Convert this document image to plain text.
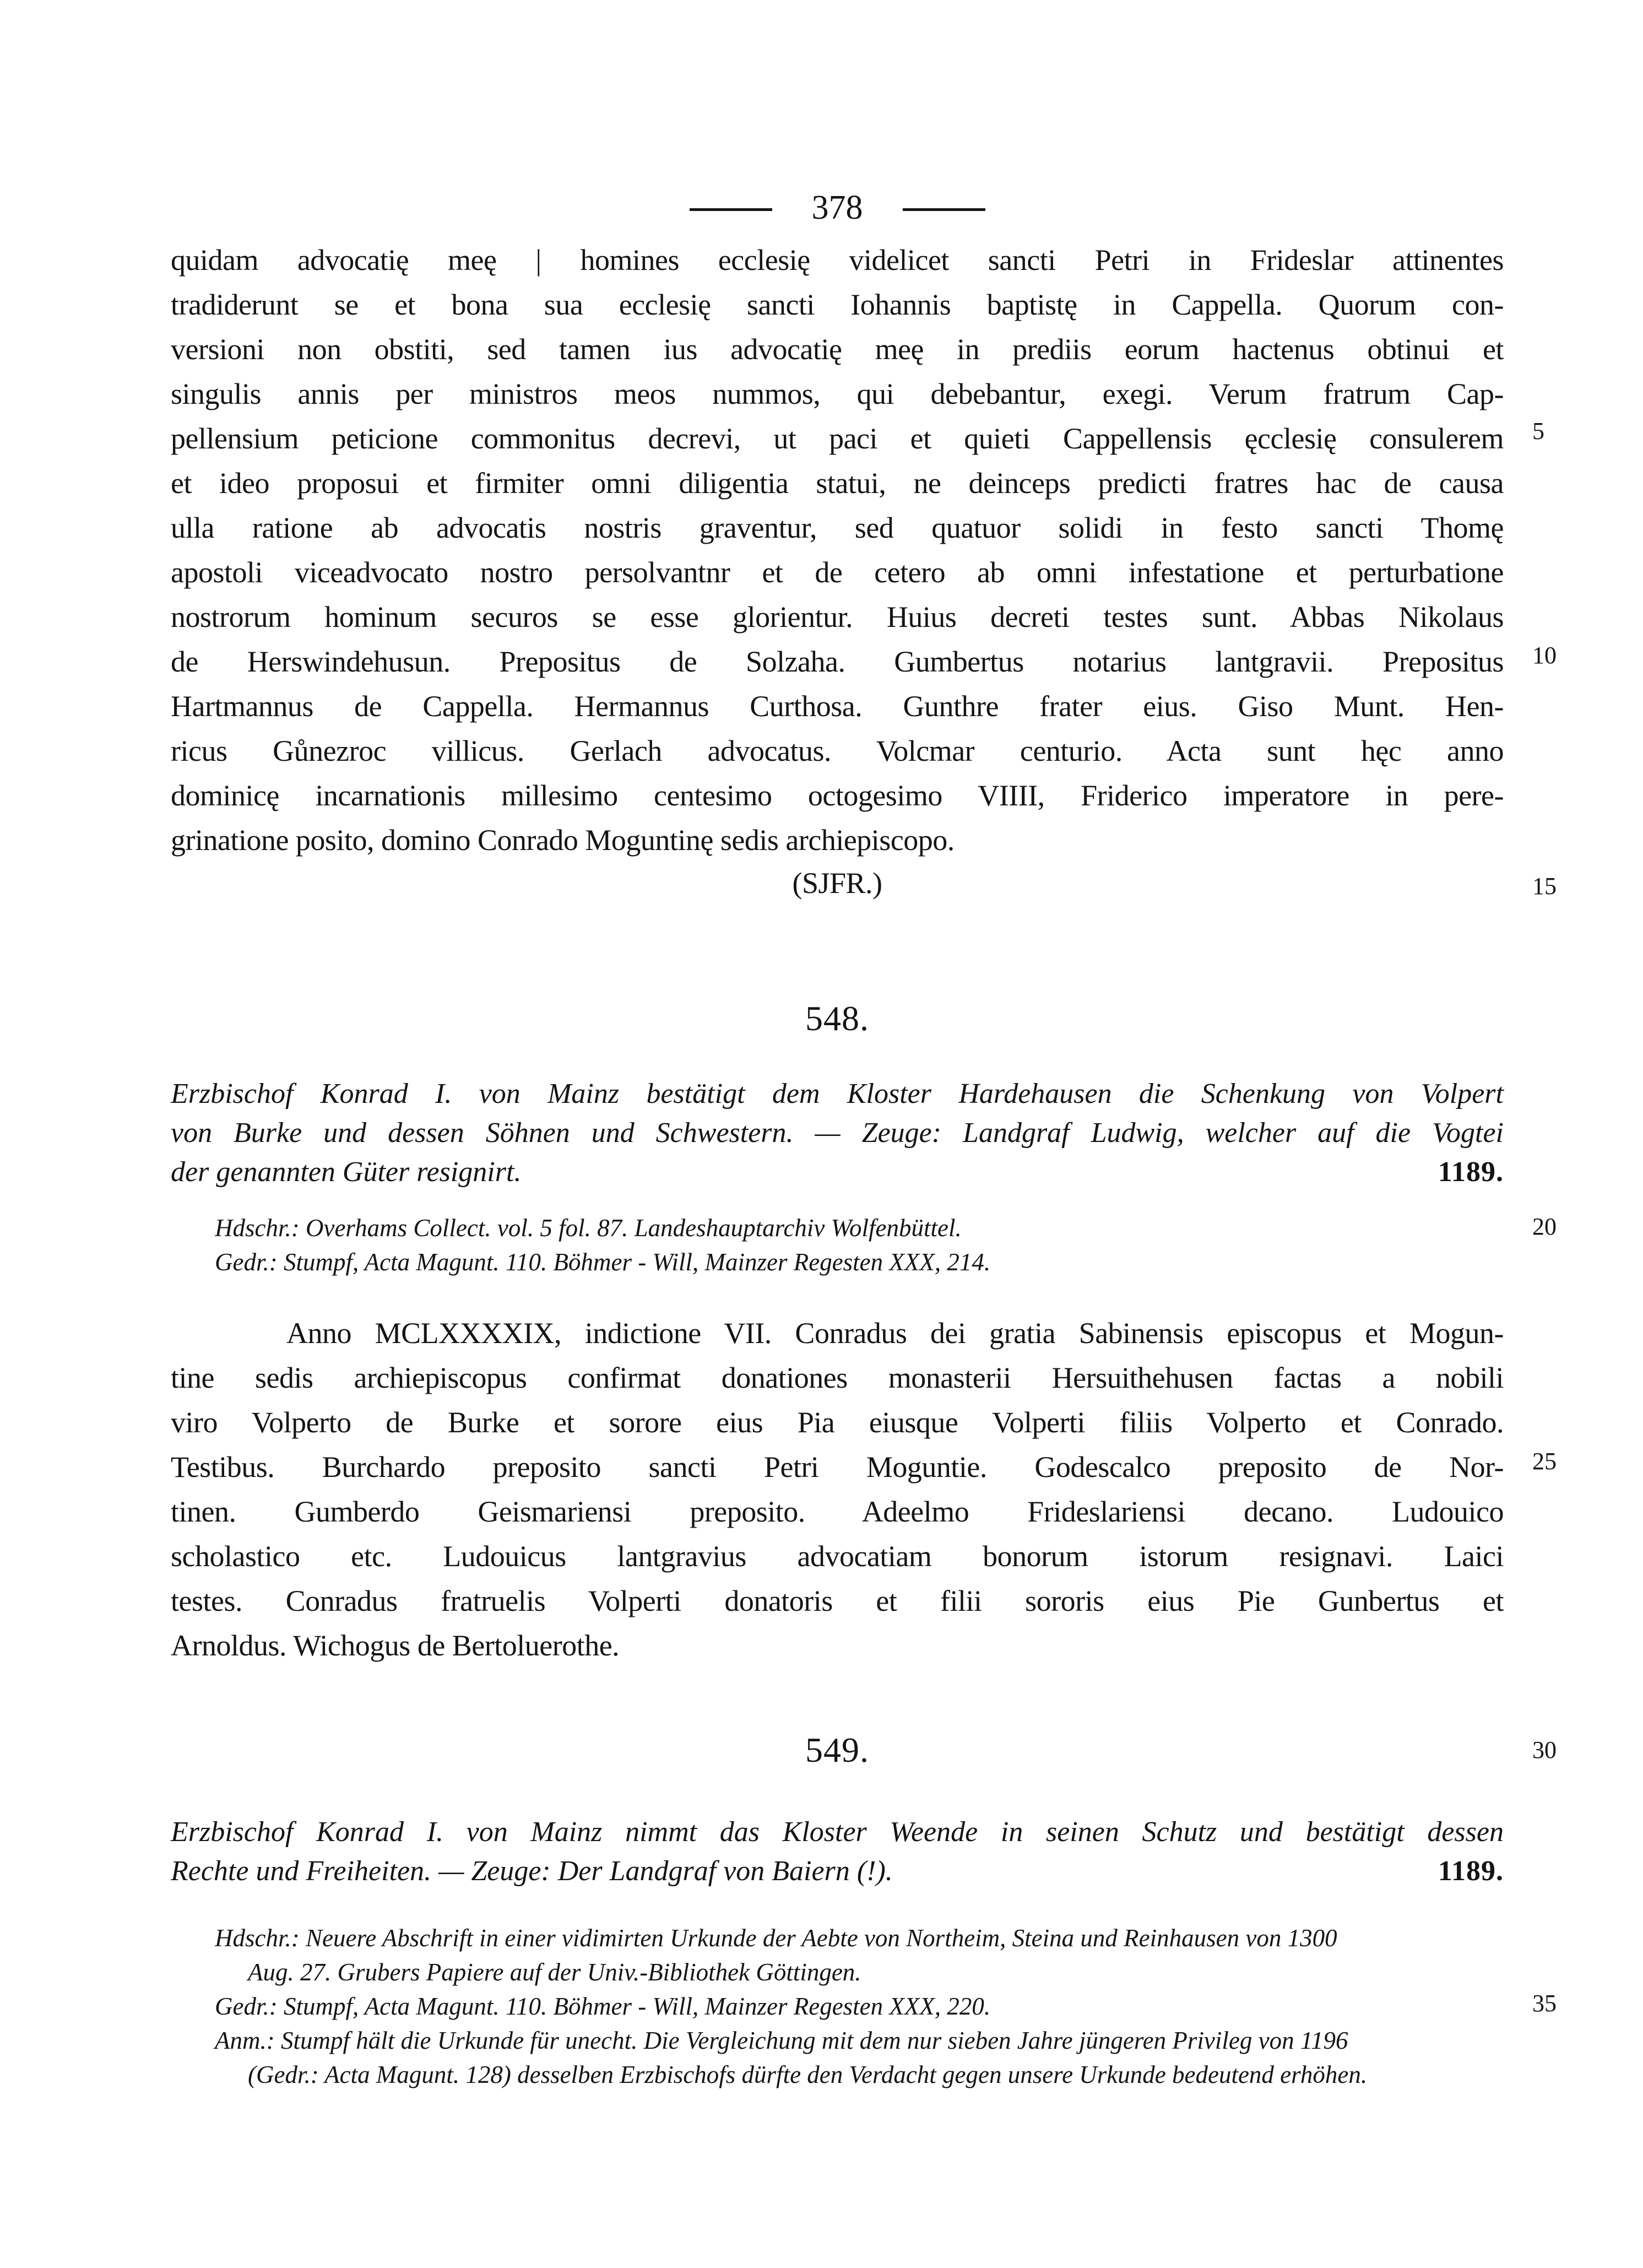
378
quidam advocatię meę | homines ecclesię videlicet sancti Petri in Frideslar attinentes
tradiderunt se et bona sua ecclesię sancti Iohannis baptistę in Cappella. Quorum con-
versioni non obstiti, sed tamen ius advocatię meę in prediis eorum hactenus obtinui et
singulis annis per ministros meos nummos, qui debebantur, exegi. Verum fratrum Cap-
pellensium peticione commonitus decrevi, ut paci et quieti Cappellensis ęcclesię consulerem
et ideo proposui et firmiter omni diligentia statui, ne deinceps predicti fratres hac de causa
ulla ratione ab advocatis nostris graventur, sed quatuor solidi in festo sancti Thomę
apostoli viceadvocato nostro persolvantnr et de cetero ab omni infestatione et perturbatione
nostrorum hominum securos se esse glorientur. Huius decreti testes sunt. Abbas Nikolaus
de Herswindehusun. Prepositus de Solzaha. Gumbertus notarius lantgravii. Prepositus
Hartmannus de Cappella. Hermannus Curthosa. Gunthre frater eius. Giso Munt. Hen-
ricus Gůnezroc villicus. Gerlach advocatus. Volcmar centurio. Acta sunt hęc anno
dominicę incarnationis millesimo centesimo octogesimo VIIII, Friderico imperatore in pere-
grinatione posito, domino Conrado Moguntinę sedis archiepiscopo.
(SJFR.)
548.
Erzbischof Konrad I. von Mainz bestätigt dem Kloster Hardehausen die Schenkung von Volpert
von Burke und dessen Söhnen und Schwestern. — Zeuge: Landgraf Ludwig, welcher auf die Vogtei
der genannten Güter resignirt.	1189.
Hdschr.: Overhams Collect. vol. 5 fol. 87. Landeshauptarchiv Wolfenbüttel.
Gedr.: Stumpf, Acta Magunt. 110. Böhmer - Will, Mainzer Regesten XXX, 214.
Anno MCLXXXXIX, indictione VII. Conradus dei gratia Sabinensis episcopus et Mogun-
tine sedis archiepiscopus confirmat donationes monasterii Hersuithehusen factas a nobili
viro Volperto de Burke et sorore eius Pia eiusque Volperti filiis Volperto et Conrado.
Testibus. Burchardo preposito sancti Petri Moguntie. Godescalco preposito de Nor-
tinen. Gumberdo Geismariensi preposito. Adeelmo Frideslariensi decano. Ludouico
scholastico etc. Ludouicus lantgravius advocatiam bonorum istorum resignavi. Laici
testes. Conradus fratruelis Volperti donatoris et filii sororis eius Pie Gunbertus et
Arnoldus. Wichogus de Bertoluerothe.
549.
Erzbischof Konrad I. von Mainz nimmt das Kloster Weende in seinen Schutz und bestätigt dessen
Rechte und Freiheiten. — Zeuge: Der Landgraf von Baiern (!).	1189.
Hdschr.: Neuere Abschrift in einer vidimirten Urkunde der Aebte von Northeim, Steina und Reinhausen von 1300
Aug. 27. Grubers Papiere auf der Univ.-Bibliothek Göttingen.
Gedr.: Stumpf, Acta Magunt. 110. Böhmer - Will, Mainzer Regesten XXX, 220.
Anm.: Stumpf hält die Urkunde für unecht. Die Vergleichung mit dem nur sieben Jahre jüngeren Privileg von 1196
(Gedr.: Acta Magunt. 128) desselben Erzbischofs dürfte den Verdacht gegen unsere Urkunde bedeutend erhöhen.
5
10
15
20
25
30
35
